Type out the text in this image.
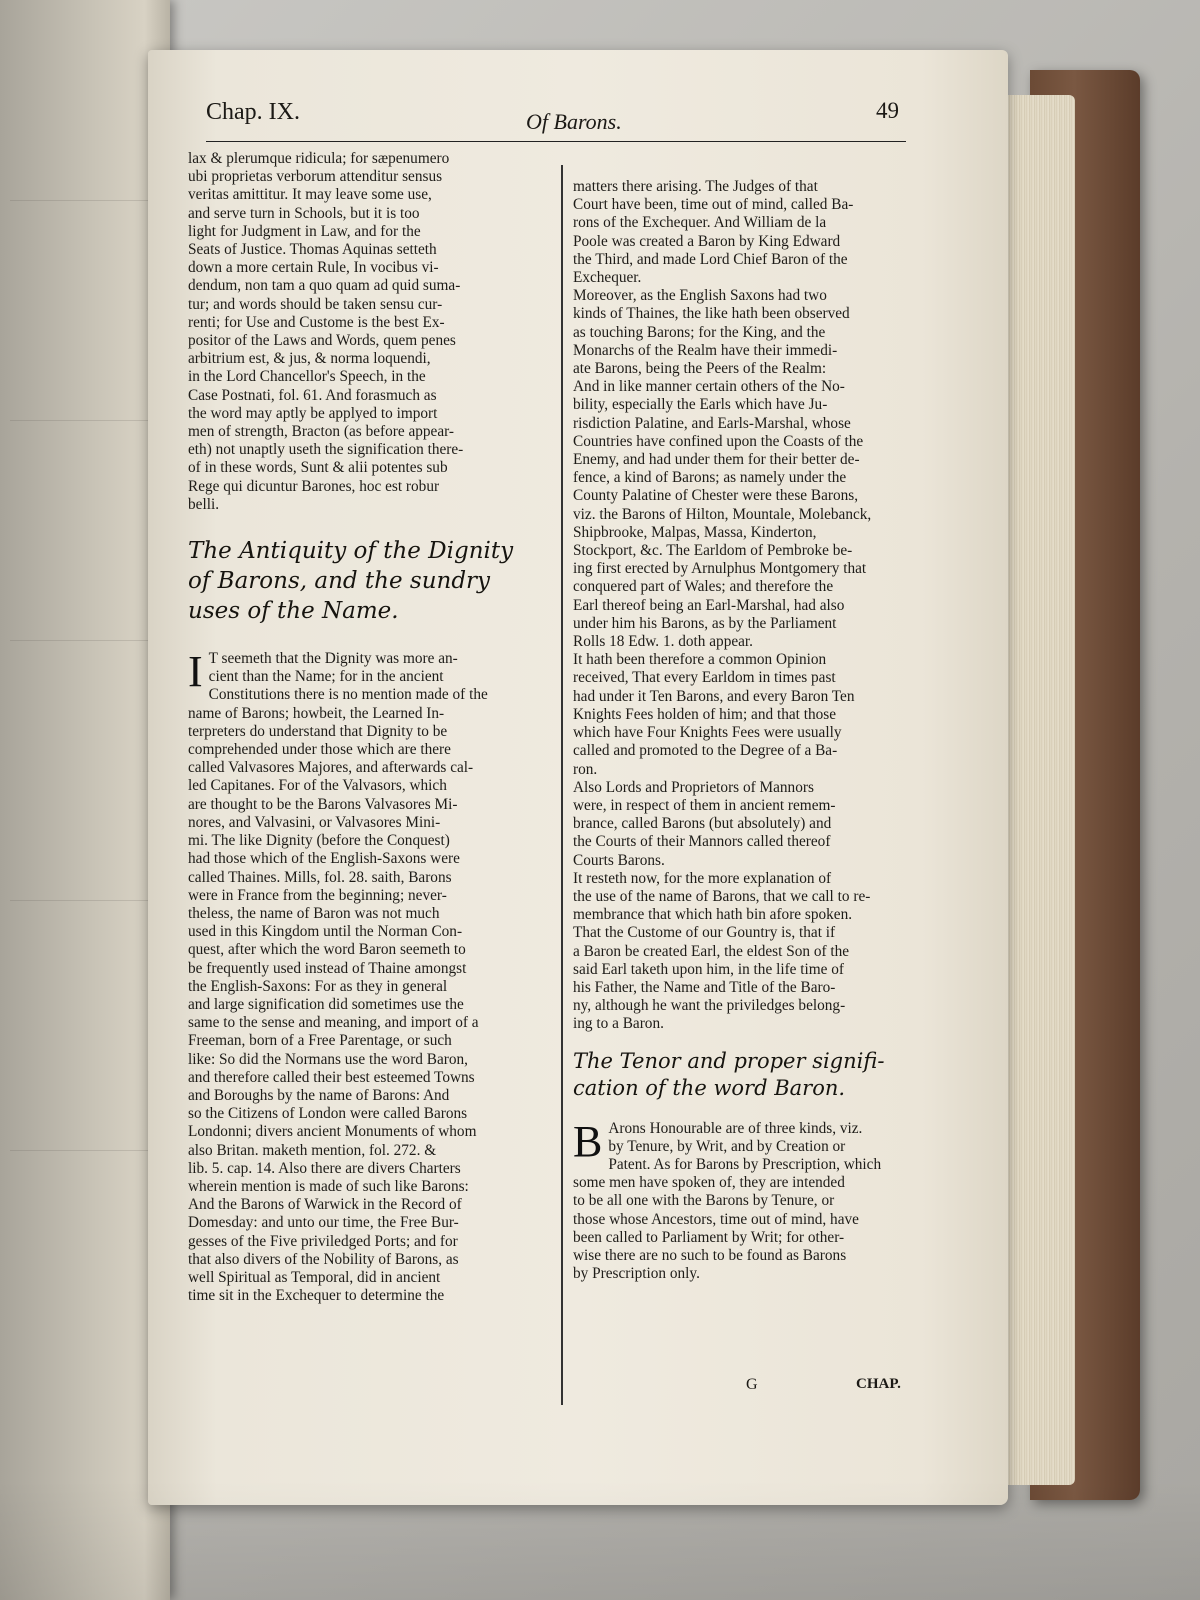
Chap. IX.	Of Barons.	49
lax & plerumque ridicula; for sæpenumero
ubi proprietas verborum attenditur sensus
veritas amittitur. It may leave some use,
and serve turn in Schools, but it is too
light for Judgment in Law, and for the
Seats of Justice. Thomas Aquinas setteth
down a more certain Rule, In vocibus vi-
dendum, non tam a quo quam ad quid suma-
tur; and words should be taken sensu cur-
renti; for Use and Custome is the best Ex-
positor of the Laws and Words, quem penes
arbitrium est, & jus, & norma loquendi,
in the Lord Chancellor's Speech, in the
Case Postnati, fol. 61. And forasmuch as
the word may aptly be applyed to import
men of strength, Bracton (as before appear-
eth) not unaptly useth the signification there-
of in these words, Sunt & alii potentes sub
Rege qui dicuntur Barones, hoc est robur
belli.
The Antiquity of the Dignity
of Barons, and the sundry
uses of the Name.
I T seemeth that the Dignity was more an-
cient than the Name; for in the ancient
Constitutions there is no mention made of the
name of Barons; howbeit, the Learned In-
terpreters do understand that Dignity to be
comprehended under those which are there
called Valvasores Majores, and afterwards cal-
led Capitanes. For of the Valvasors, which
are thought to be the Barons Valvasores Mi-
nores, and Valvasini, or Valvasores Mini-
mi. The like Dignity (before the Conquest)
had those which of the English-Saxons were
called Thaines. Mills, fol. 28. saith, Barons
were in France from the beginning; never-
theless, the name of Baron was not much
used in this Kingdom until the Norman Con-
quest, after which the word Baron seemeth to
be frequently used instead of Thaine amongst
the English-Saxons: For as they in general
and large signification did sometimes use the
same to the sense and meaning, and import of a
Freeman, born of a Free Parentage, or such
like: So did the Normans use the word Baron,
and therefore called their best esteemed Towns
and Boroughs by the name of Barons: And
so the Citizens of London were called Barons
Londonni; divers ancient Monuments of whom
also Britan. maketh mention, fol. 272. &
lib. 5. cap. 14. Also there are divers Charters
wherein mention is made of such like Barons:
And the Barons of Warwick in the Record of
Domesday: and unto our time, the Free Bur-
gesses of the Five priviledged Ports; and for
that also divers of the Nobility of Barons, as
well Spiritual as Temporal, did in ancient
time sit in the Exchequer to determine the
matters there arising. The Judges of that
Court have been, time out of mind, called Ba-
rons of the Exchequer. And William de la
Poole was created a Baron by King Edward
the Third, and made Lord Chief Baron of the
Exchequer.
Moreover, as the English Saxons had two
kinds of Thaines, the like hath been observed
as touching Barons; for the King, and the
Monarchs of the Realm have their immedi-
ate Barons, being the Peers of the Realm:
And in like manner certain others of the No-
bility, especially the Earls which have Ju-
risdiction Palatine, and Earls-Marshal, whose
Countries have confined upon the Coasts of the
Enemy, and had under them for their better de-
fence, a kind of Barons; as namely under the
County Palatine of Chester were these Barons,
viz. the Barons of Hilton, Mountale, Molebanck,
Shipbrooke, Malpas, Massa, Kinderton,
Stockport, &c. The Earldom of Pembroke be-
ing first erected by Arnulphus Montgomery that
conquered part of Wales; and therefore the
Earl thereof being an Earl-Marshal, had also
under him his Barons, as by the Parliament
Rolls 18 Edw. 1. doth appear.
It hath been therefore a common Opinion
received, That every Earldom in times past
had under it Ten Barons, and every Baron Ten
Knights Fees holden of him; and that those
which have Four Knights Fees were usually
called and promoted to the Degree of a Ba-
ron.
Also Lords and Proprietors of Mannors
were, in respect of them in ancient remem-
brance, called Barons (but absolutely) and
the Courts of their Mannors called thereof
Courts Barons.
It resteth now, for the more explanation of
the use of the name of Barons, that we call to re-
membrance that which hath bin afore spoken.
That the Custome of our Gountry is, that if
a Baron be created Earl, the eldest Son of the
said Earl taketh upon him, in the life time of
his Father, the Name and Title of the Baro-
ny, although he want the priviledges belong-
ing to a Baron.
The Tenor and proper signifi-
cation of the word Baron.
B Arons Honourable are of three kinds, viz.
by Tenure, by Writ, and by Creation or
Patent. As for Barons by Prescription, which
some men have spoken of, they are intended
to be all one with the Barons by Tenure, or
those whose Ancestors, time out of mind, have
been called to Parliament by Writ; for other-
wise there are no such to be found as Barons
by Prescription only.
G	CHAP.
